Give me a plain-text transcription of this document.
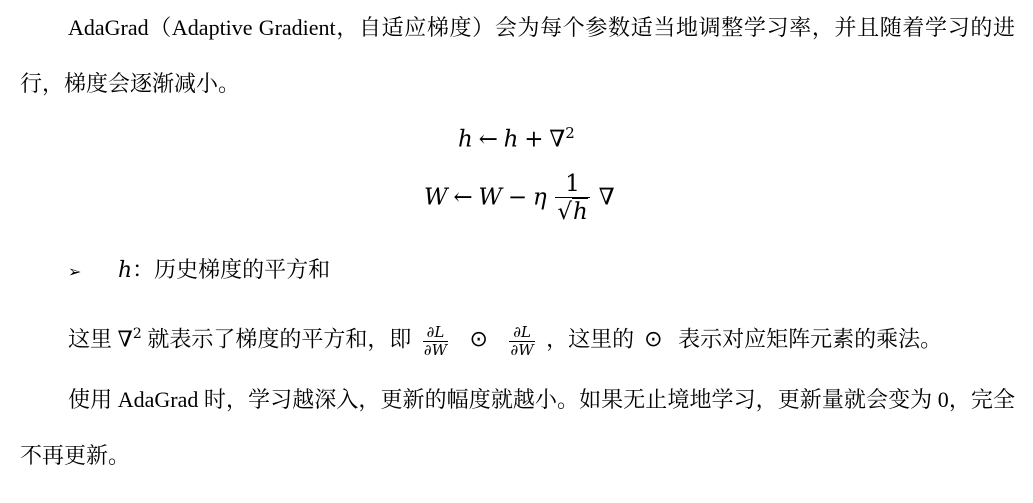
AdaGrad（Adaptive Gradient，自适应梯度）会为每个参数适当地调整学习率，并且随着学习的进行，梯度会逐渐减小。

h ← h + ∇$^2$
W ← W − η $\frac{1}{√h}$ ∇
➢ h：历史梯度的平方和
这里 ∇$^2$ 就表示了梯度的平方和，即 $\frac{\partial L}{\partial W}$ ⊙ $\frac{\partial L}{\partial W}$ ，这里的 ⊙ 表示对应矩阵元素的乘法。

使用 AdaGrad 时，学习越深入，更新的幅度就越小。如果无止境地学习，更新量就会变为 0，完全不再更新。
